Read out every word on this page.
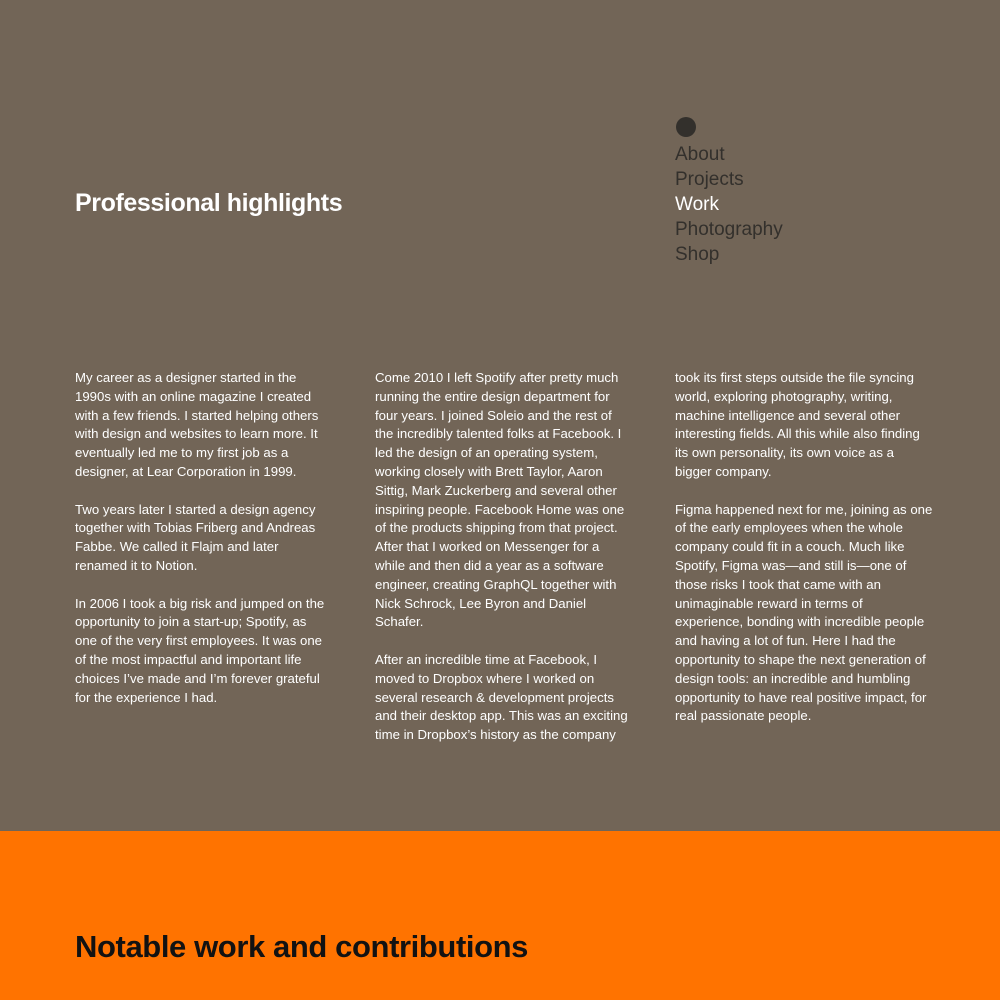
Professional highlights
About
Projects
Work
Photography
Shop

My career as a designer started in the 1990s with an online magazine I created with a few friends. I started helping others with design and websites to learn more. It eventually led me to my first job as a designer, at Lear Corporation in 1999.

Two years later I started a design agency together with Tobias Friberg and Andreas Fabbe. We called it Flajm and later renamed it to Notion.

In 2006 I took a big risk and jumped on the opportunity to join a start-up; Spotify, as one of the very first employees. It was one of the most impactful and important life choices I’ve made and I’m forever grateful for the experience I had.

Come 2010 I left Spotify after pretty much running the entire design department for four years. I joined Soleio and the rest of the incredibly talented folks at Facebook. I led the design of an operating system, working closely with Brett Taylor, Aaron Sittig, Mark Zuckerberg and several other inspiring people. Facebook Home was one of the products shipping from that project. After that I worked on Messenger for a while and then did a year as a software engineer, creating GraphQL together with Nick Schrock, Lee Byron and Daniel Schafer.

After an incredible time at Facebook, I moved to Dropbox where I worked on several research & development projects and their desktop app. This was an exciting time in Dropbox’s history as the company

took its first steps outside the file syncing world, exploring photography, writing, machine intelligence and several other interesting fields. All this while also finding its own personality, its own voice as a bigger company.

Figma happened next for me, joining as one of the early employees when the whole company could fit in a couch. Much like Spotify, Figma was—and still is—one of those risks I took that came with an unimaginable reward in terms of experience, bonding with incredible people and having a lot of fun. Here I had the opportunity to shape the next generation of design tools: an incredible and humbling opportunity to have real positive impact, for real passionate people.

Notable work and contributions
